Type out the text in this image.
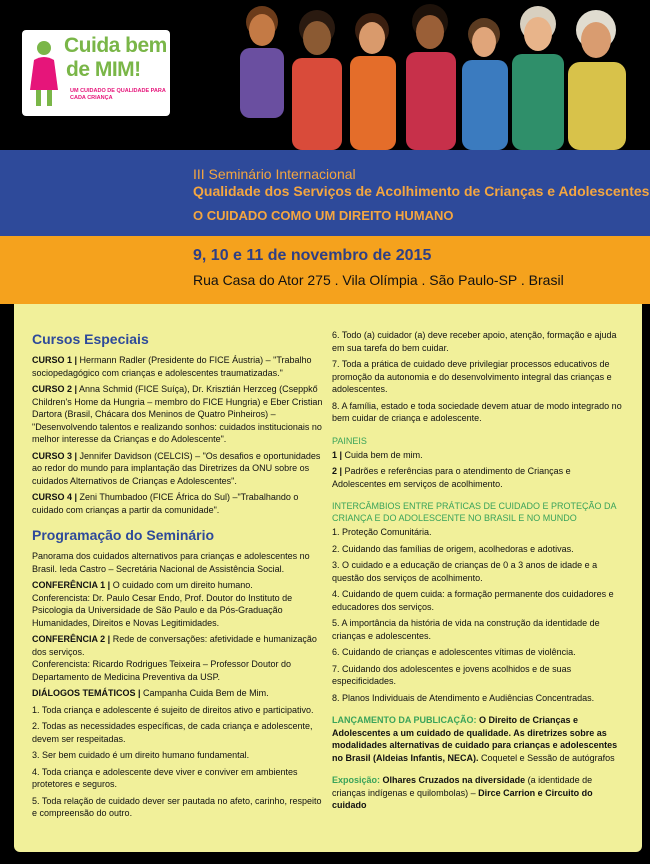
Cuida bem
de MIM!
UM CUIDADO DE QUALIDADE PARA CADA CRIANÇA
III Seminário Internacional
Qualidade dos Serviços de Acolhimento de Crianças e Adolescentes
O CUIDADO COMO UM DIREITO HUMANO
9, 10 e 11 de novembro de 2015
Rua Casa do Ator 275 . Vila Olímpia . São Paulo-SP . Brasil
Cursos Especiais
CURSO 1 | Hermann Radler (Presidente do FICE Áustria) – "Trabalho sociopedagógico com crianças e adolescentes traumatizadas."
CURSO 2 | Anna Schmid (FICE Suíça), Dr. Krisztián Herzceg (Cseppkő Children's Home da Hungria – membro do FICE Hungria) e Eber Cristian Dartora (Brasil, Chácara dos Meninos de Quatro Pinheiros) – "Desenvolvendo talentos e realizando sonhos: cuidados institucionais no melhor interesse da Crianças e do Adolescente".
CURSO 3 | Jennifer Davidson (CELCIS) – "Os desafios e oportunidades ao redor do mundo para implantação das Diretrizes da ONU sobre os cuidados Alternativos de Crianças e Adolescentes".
CURSO 4 | Zeni Thumbadoo (FICE África do Sul) –"Trabalhando o cuidado com crianças a partir da comunidade".
Programação do Seminário
Panorama dos cuidados alternativos para crianças e adolescentes no Brasil. Ieda Castro – Secretária Nacional de Assistência Social.
CONFERÊNCIA 1 | O cuidado com um direito humano.
Conferencista: Dr. Paulo Cesar Endo, Prof. Doutor do Instituto de Psicologia da Universidade de São Paulo e da Pós-Graduação Humanidades, Direitos e Novas Legitimidades.
CONFERÊNCIA 2 | Rede de conversações: afetividade e humanização dos serviços.
Conferencista: Ricardo Rodrigues Teixeira – Professor Doutor do Departamento de Medicina Preventiva da USP.
DIÁLOGOS TEMÁTICOS | Campanha Cuida Bem de Mim.
1. Toda criança e adolescente é sujeito de direitos ativo e participativo.
2. Todas as necessidades específicas, de cada criança e adolescente, devem ser respeitadas.
3. Ser bem cuidado é um direito humano fundamental.
4. Toda criança e adolescente deve viver e conviver em ambientes protetores e seguros.
5. Toda relação de cuidado dever ser pautada no afeto, carinho, respeito e compreensão do outro.
6. Todo (a) cuidador (a) deve receber apoio, atenção, formação e ajuda em sua tarefa do bem cuidar.
7. Toda a prática de cuidado deve privilegiar processos educativos de promoção da autonomia e do desenvolvimento integral das crianças e adolescentes.
8. A família, estado e toda sociedade devem atuar de modo integrado no bem cuidar de criança e adolescente.
PAINEIS
1 | Cuida bem de mim.
2 | Padrões e referências para o atendimento de Crianças e Adolescentes em serviços de acolhimento.
INTERCÂMBIOS ENTRE PRÁTICAS DE CUIDADO E PROTEÇÃO DA CRIANÇA E DO ADOLESCENTE NO BRASIL E NO MUNDO
1. Proteção Comunitária.
2. Cuidando das famílias de origem, acolhedoras e adotivas.
3. O cuidado e a educação de crianças de 0 a 3 anos de idade e a questão dos serviços de acolhimento.
4. Cuidando de quem cuida: a formação permanente dos cuidadores e educadores dos serviços.
5. A importância da história de vida na construção da identidade de crianças e adolescentes.
6. Cuidando de crianças e adolescentes vítimas de violência.
7. Cuidando dos adolescentes e jovens acolhidos e de suas especificidades.
8. Planos Individuais de Atendimento e Audiências Concentradas.
LANÇAMENTO DA PUBLICAÇÃO: O Direito de Crianças e Adolescentes a um cuidado de qualidade. As diretrizes sobre as modalidades alternativas de cuidado para crianças e adolescentes no Brasil (Aldeias Infantis, NECA). Coquetel e Sessão de autógrafos
Exposição: Olhares Cruzados na diversidade (a identidade de crianças indígenas e quilombolas) – Dirce Carrion e Circuito do cuidado
